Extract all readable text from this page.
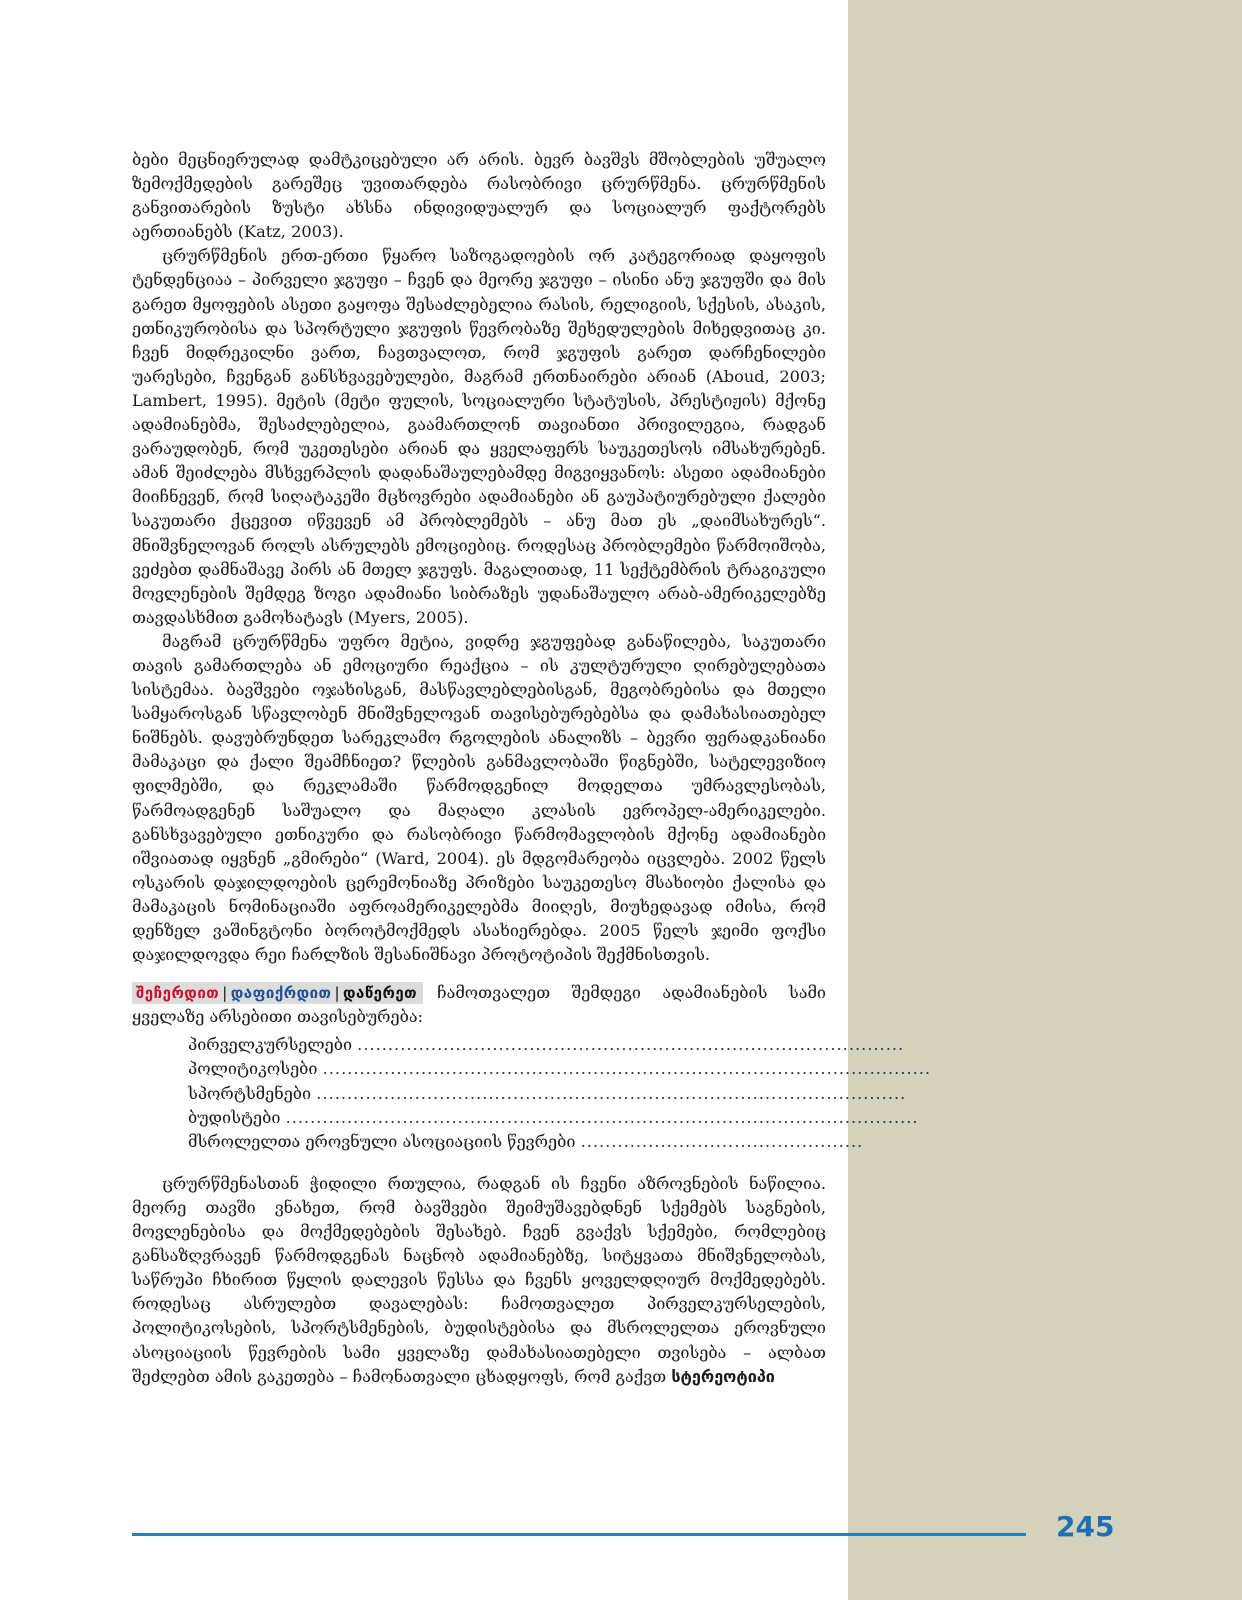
ბები მეცნიერულად დამტკიცებული არ არის. ბევრ ბავშვს მშობლების უშუალო ზემოქმედების გარეშეც უვითარდება რასობრივი ცრურწმენა. ცრურწმენის განვითარების ზუსტი ახსნა ინდივიდუალურ და სოციალურ ფაქტორებს აერთიანებს (Katz, 2003).

ცრურწმენის ერთ-ერთი წყარო საზოგადოების ორ კატეგორიად დაყოფის ტენდენციაა – პირველი ჯგუფი – ჩვენ და მეორე ჯგუფი – ისინი ანუ ჯგუფში და მის გარეთ მყოფების ასეთი გაყოფა შესაძლებელია რასის, რელიგიის, სქესის, ასაკის, ეთნიკურობისა და სპორტული ჯგუფის წევრობაზე შეხედულების მიხედვითაც კი. ჩვენ მიდრეკილნი ვართ, ჩავთვალოთ, რომ ჯგუფის გარეთ დარჩენილები უარესები, ჩვენგან განსხვავებულები, მაგრამ ერთნაირები არიან (Aboud, 2003; Lambert, 1995). მეტის (მეტი ფულის, სოციალური სტატუსის, პრესტიჟის) მქონე ადამიანებმა, შესაძლებელია, გაამართლონ თავიანთი პრივილეგია, რადგან ვარაუდობენ, რომ უკეთესები არიან და ყველაფერს საუკეთესოს იმსახურებენ. ამან შეიძლება მსხვერპლის დადანაშაულებამდე მიგვიყვანოს: ასეთი ადამიანები მიიჩნევენ, რომ სიღატაკეში მცხოვრები ადამიანები ან გაუპატიურებული ქალები საკუთარი ქცევით იწვევენ ამ პრობლემებს – ანუ მათ ეს „დაიმსახურეს“. მნიშვნელოვან როლს ასრულებს ემოციებიც. როდესაც პრობლემები წარმოიშობა, ვეძებთ დამნაშავე პირს ან მთელ ჯგუფს. მაგალითად, 11 სექტემბრის ტრაგიკული მოვლენების შემდეგ ზოგი ადამიანი სიბრაზეს უდანაშაულო არაბ-ამერიკელებზე თავდასხმით გამოხატავს (Myers, 2005).

მაგრამ ცრურწმენა უფრო მეტია, ვიდრე ჯგუფებად განაწილება, საკუთარი თავის გამართლება ან ემოციური რეაქცია – ის კულტურული ღირებულებათა სისტემაა. ბავშვები ოჯახისგან, მასწავლებლებისგან, მეგობრებისა და მთელი სამყაროსგან სწავლობენ მნიშვნელოვან თავისებურებებსა და დამახასიათებელ ნიშნებს. დავუბრუნდეთ სარეკლამო რგოლების ანალიზს – ბევრი ფერადკანიანი მამაკაცი და ქალი შეამჩნიეთ? წლების განმავლობაში წიგნებში, სატელევიზიო ფილმებში, და რეკლამაში წარმოდგენილ მოდელთა უმრავლესობას, წარმოადგენენ საშუალო და მაღალი კლასის ევროპელ-ამერიკელები. განსხვავებული ეთნიკური და რასობრივი წარმომავლობის მქონე ადამიანები იშვიათად იყვნენ „გმირები“ (Ward, 2004). ეს მდგომარეობა იცვლება. 2002 წელს ოსკარის დაჯილდოების ცერემონიაზე პრიზები საუკეთესო მსახიობი ქალისა და მამაკაცის ნომინაციაში აფროამერიკელებმა მიიღეს, მიუხედავად იმისა, რომ დენზელ ვაშინგტონი ბოროტმოქმედს ასახიერებდა. 2005 წელს ჯეიმი ფოქსი დაჯილდოვდა რეი ჩარლზის შესანიშნავი პროტოტიპის შექმნისთვის.

შეჩერდით | დაფიქრდით | დაწერეთ ჩამოთვალეთ შემდეგი ადამიანების სამი ყველაზე არსებითი თავისებურება:
პირველკურსელები .........................................................................................
პოლიტიკოსები ...................................................................................................
სპორტსმენები ................................................................................................
ბუდისტები .......................................................................................................
მსროლელთა ეროვნული ასოციაციის წევრები ..............................................

ცრურწმენასთან ჭიდილი რთულია, რადგან ის ჩვენი აზროვნების ნაწილია. მეორე თავში ვნახეთ, რომ ბავშვები შეიმუშავებდნენ სქემებს საგნების, მოვლენებისა და მოქმედებების შესახებ. ჩვენ გვაქვს სქემები, რომლებიც განსაზღვრავენ წარმოდგენას ნაცნობ ადამიანებზე, სიტყვათა მნიშვნელობას, საწრუპი ჩხირით წყლის დალევის წესსა და ჩვენს ყოველდღიურ მოქმედებებს. როდესაც ასრულებთ დავალებას: ჩამოთვალეთ პირველკურსელების, პოლიტიკოსების, სპორტსმენების, ბუდისტებისა და მსროლელთა ეროვნული ასოციაციის წევრების სამი ყველაზე დამახასიათებელი თვისება – ალბათ შეძლებთ ამის გაკეთება – ჩამონათვალი ცხადყოფს, რომ გაქვთ სტერეოტიპი

245
